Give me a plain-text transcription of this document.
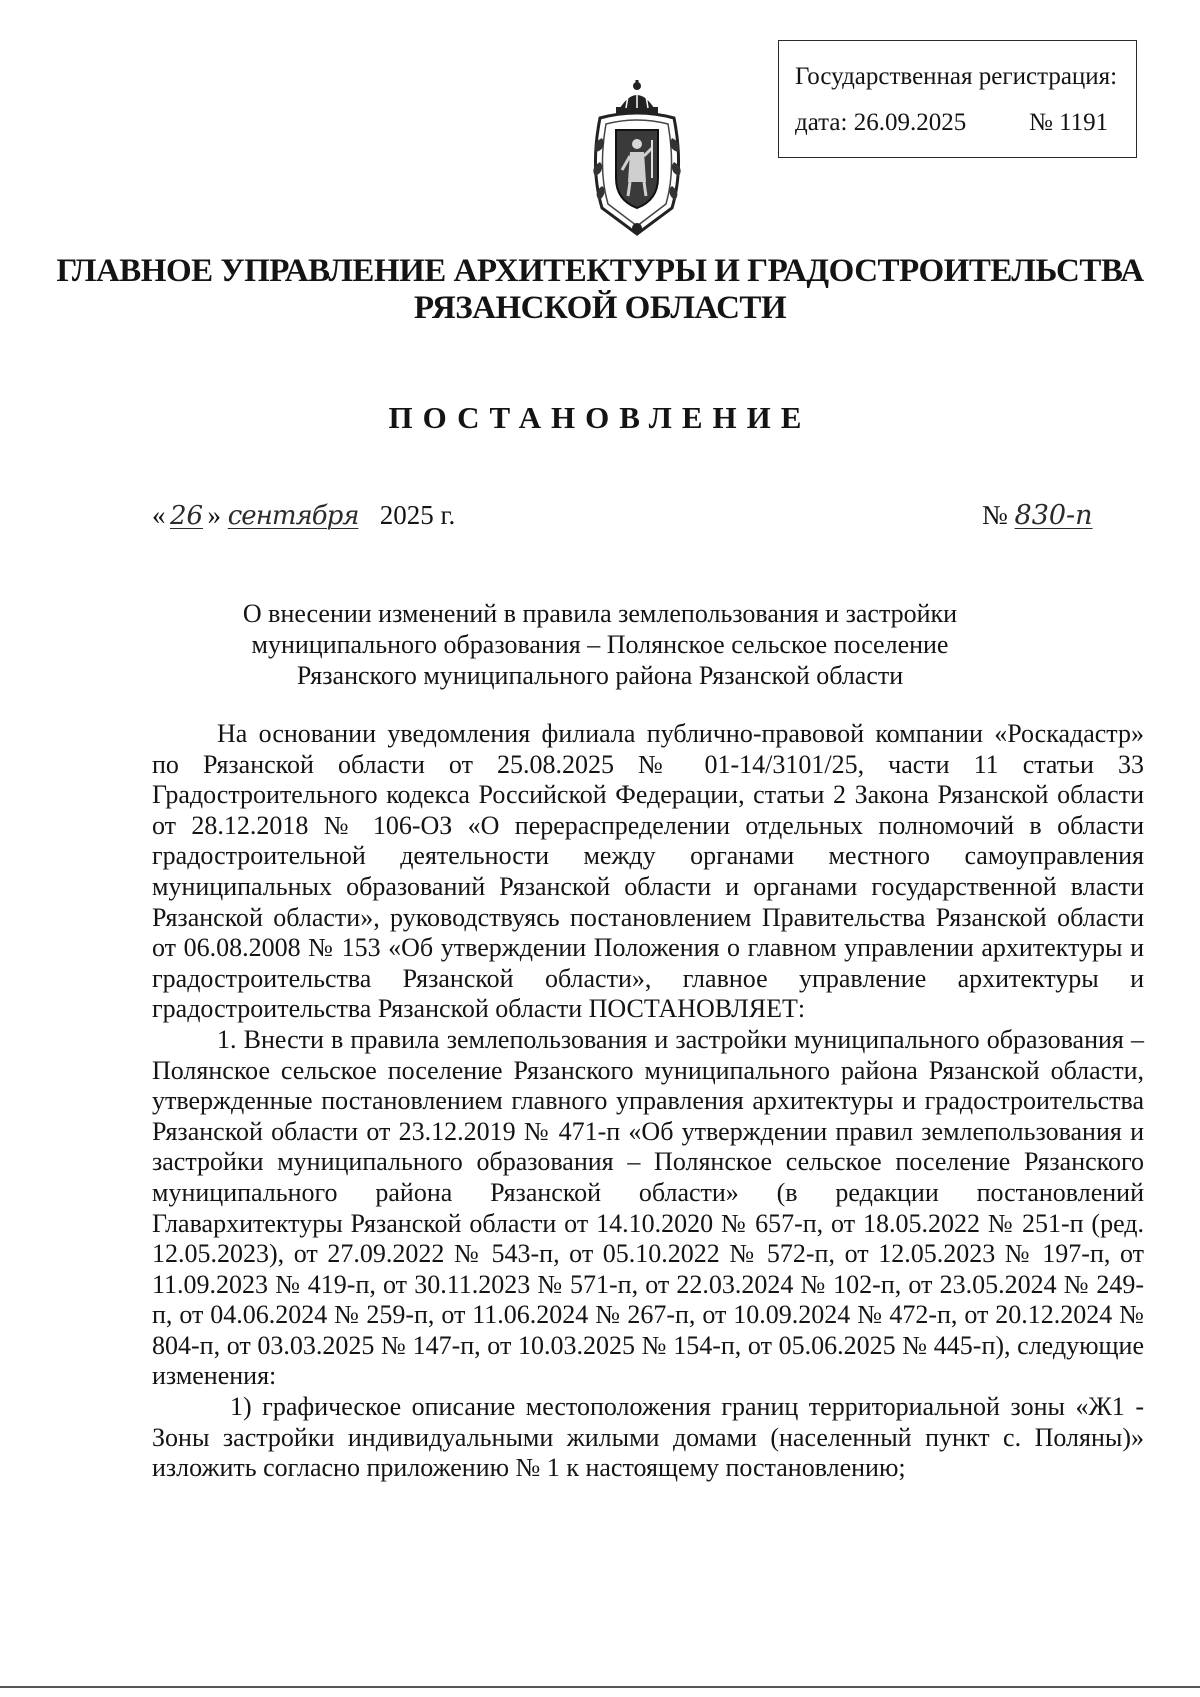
Государственная регистрация:
дата: 26.09.2025	№ 1191
ГЛАВНОЕ УПРАВЛЕНИЕ АРХИТЕКТУРЫ И ГРАДОСТРОИТЕЛЬСТВА
РЯЗАНСКОЙ ОБЛАСТИ
ПОСТАНОВЛЕНИЕ
« 26 » сентября 2025 г.	№ 830-п
О внесении изменений в правила землепользования и застройки
муниципального образования – Полянское сельское поселение
Рязанского муниципального района Рязанской области

На основании уведомления филиала публично-правовой компании «Роскадастр» по Рязанской области от 25.08.2025 № 01-14/3101/25, части 11 статьи 33 Градостроительного кодекса Российской Федерации, статьи 2 Закона Рязанской области от 28.12.2018 № 106-ОЗ «О перераспределении отдельных полномочий в области градостроительной деятельности между органами местного самоуправления муниципальных образований Рязанской области и органами государственной власти Рязанской области», руководствуясь постановлением Правительства Рязанской области от 06.08.2008 № 153 «Об утверждении Положения о главном управлении архитектуры и градостроительства Рязанской области», главное управление архитектуры и градостроительства Рязанской области ПОСТАНОВЛЯЕТ:

1. Внести в правила землепользования и застройки муниципального образования – Полянское сельское поселение Рязанского муниципального района Рязанской области, утвержденные постановлением главного управления архитектуры и градостроительства Рязанской области от 23.12.2019 № 471-п «Об утверждении правил землепользования и застройки муниципального образования – Полянское сельское поселение Рязанского муниципального района Рязанской области» (в редакции постановлений Главархитектуры Рязанской области от 14.10.2020 № 657-п, от 18.05.2022 № 251-п (ред. 12.05.2023), от 27.09.2022 № 543-п, от 05.10.2022 № 572-п, от 12.05.2023 № 197-п, от 11.09.2023 № 419-п, от 30.11.2023 № 571-п, от 22.03.2024 № 102-п, от 23.05.2024 № 249-п, от 04.06.2024 № 259-п, от 11.06.2024 № 267-п, от 10.09.2024 № 472-п, от 20.12.2024 № 804-п, от 03.03.2025 № 147-п, от 10.03.2025 № 154-п, от 05.06.2025 № 445-п), следующие изменения:

1) графическое описание местоположения границ территориальной зоны «Ж1 - Зоны застройки индивидуальными жилыми домами (населенный пункт с. Поляны)» изложить согласно приложению № 1 к настоящему постановлению;
